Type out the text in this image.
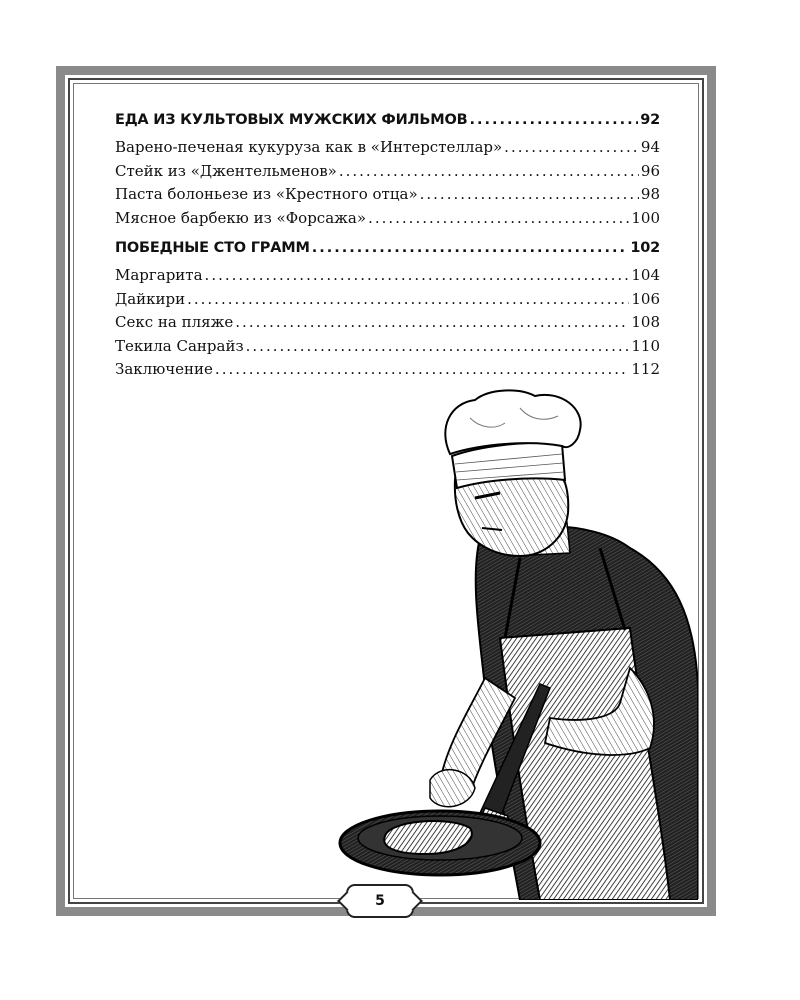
ЕДА ИЗ КУЛЬТОВЫХ МУЖСКИХ ФИЛЬМОВ .....	92
Варено-печеная кукуруза как в «Интерстеллар» .....	94
Стейк из «Джентельменов» .....	96
Паста болоньезе из «Крестного отца» .....	98
Мясное барбекю из «Форсажа» .....	100
ПОБЕДНЫЕ СТО ГРАММ .....	102
Маргарита .....	104
Дайкири .....	106
Секс на пляже .....	108
Текила Санрайз .....	110
Заключение .....	112
5
